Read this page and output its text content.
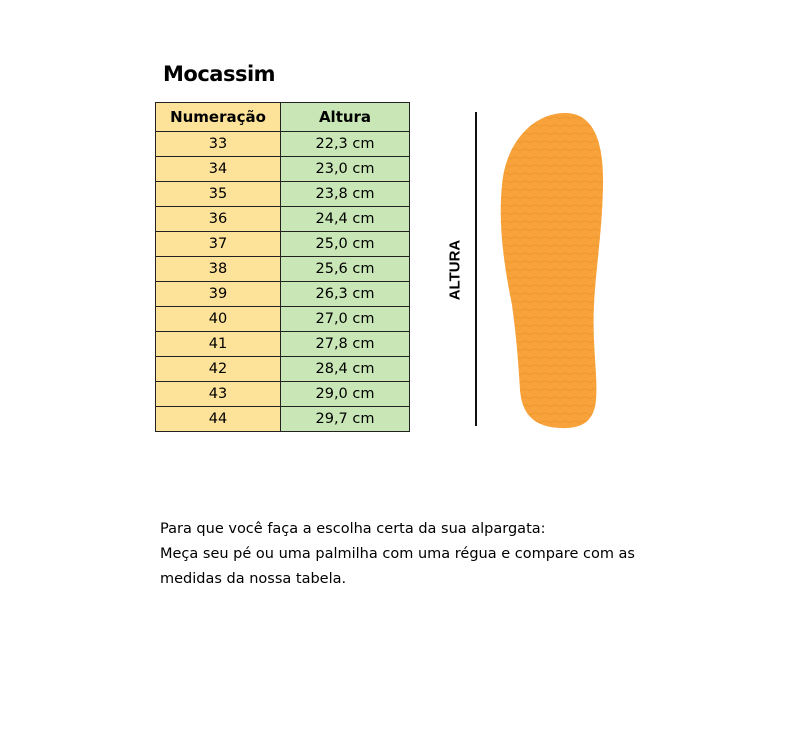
Mocassim
Numeração	Altura
33	22,3 cm
34	23,0 cm
35	23,8 cm
36	24,4 cm
37	25,0 cm
38	25,6 cm
39	26,3 cm
40	27,0 cm
41	27,8 cm
42	28,4 cm
43	29,0 cm
44	29,7 cm
ALTURA
Para que você faça a escolha certa da sua alpargata:
Meça seu pé ou uma palmilha com uma régua e compare com as
medidas da nossa tabela.
